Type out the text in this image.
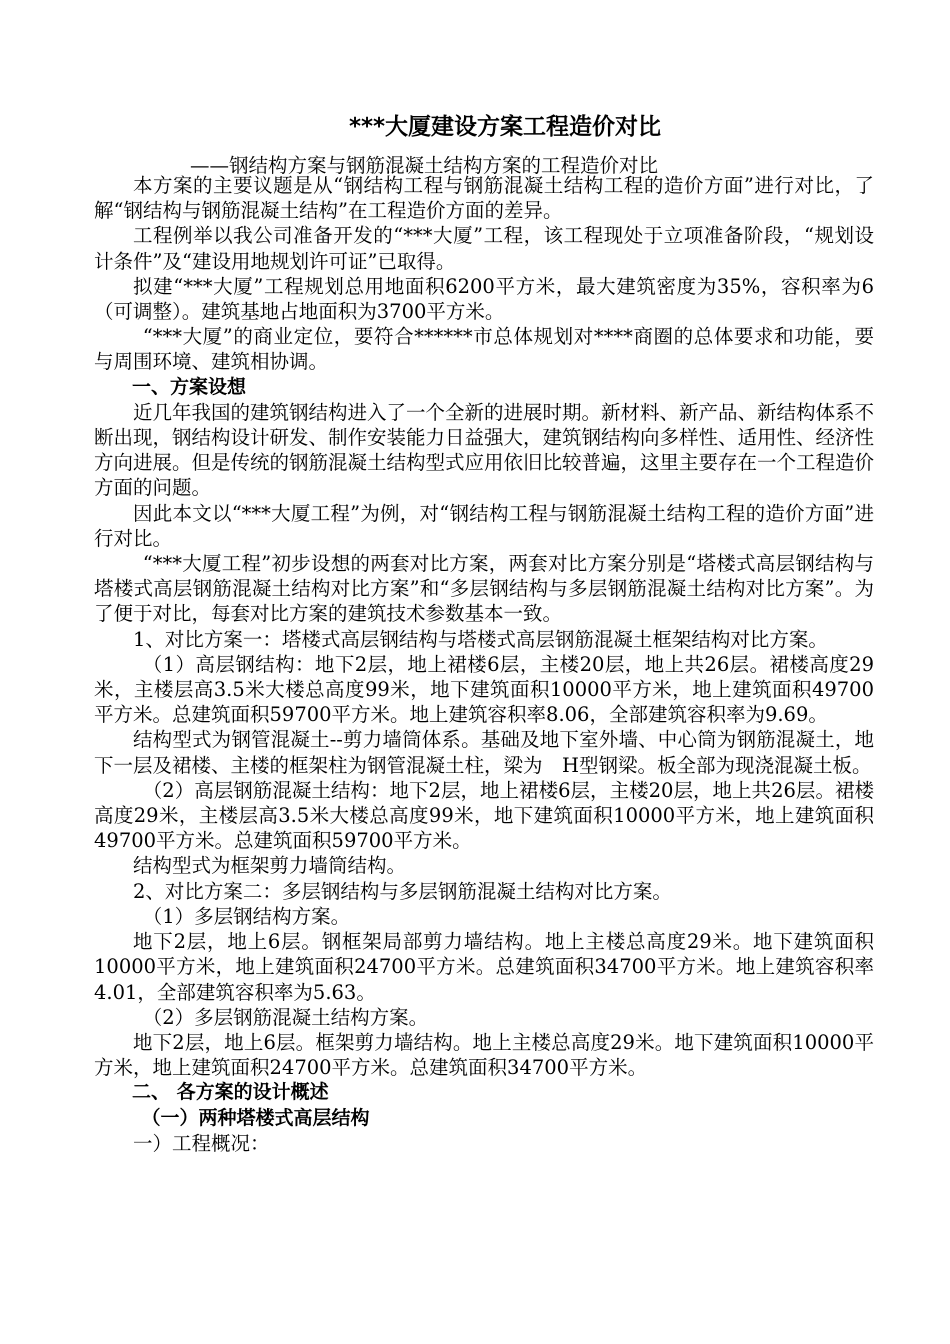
***大厦建设方案工程造价对比
——钢结构方案与钢筋混凝土结构方案的工程造价对比

本方案的主要议题是从“钢结构工程与钢筋混凝土结构工程的造价方面”进行对比，了解“钢结构与钢筋混凝土结构”在工程造价方面的差异。

工程例举以我公司准备开发的“***大厦”工程，该工程现处于立项准备阶段，“规划设计条件”及“建设用地规划许可证”已取得。

拟建“***大厦”工程规划总用地面积6200平方米，最大建筑密度为35%，容积率为6（可调整）。建筑基地占地面积为3700平方米。

“***大厦”的商业定位，要符合******市总体规划对****商圈的总体要求和功能，要与周围环境、建筑相协调。

一、方案设想

近几年我国的建筑钢结构进入了一个全新的进展时期。新材料、新产品、新结构体系不断出现，钢结构设计研发、制作安装能力日益强大，建筑钢结构向多样性、适用性、经济性方向进展。但是传统的钢筋混凝土结构型式应用依旧比较普遍，这里主要存在一个工程造价方面的问题。

因此本文以“***大厦工程”为例，对“钢结构工程与钢筋混凝土结构工程的造价方面”进行对比。

“***大厦工程”初步设想的两套对比方案，两套对比方案分别是“塔楼式高层钢结构与塔楼式高层钢筋混凝土结构对比方案”和“多层钢结构与多层钢筋混凝土结构对比方案”。为了便于对比，每套对比方案的建筑技术参数基本一致。

1、对比方案一：塔楼式高层钢结构与塔楼式高层钢筋混凝土框架结构对比方案。

（1）高层钢结构：地下2层，地上裙楼6层，主楼20层，地上共26层。裙楼高度29米，主楼层高3.5米大楼总高度99米，地下建筑面积10000平方米，地上建筑面积49700平方米。总建筑面积59700平方米。地上建筑容积率8.06，全部建筑容积率为9.69。

结构型式为钢管混凝土--剪力墙筒体系。基础及地下室外墙、中心筒为钢筋混凝土，地下一层及裙楼、主楼的框架柱为钢管混凝土柱，梁为　H型钢梁。板全部为现浇混凝土板。

（2）高层钢筋混凝土结构：地下2层，地上裙楼6层，主楼20层，地上共26层。裙楼高度29米，主楼层高3.5米大楼总高度99米，地下建筑面积10000平方米，地上建筑面积49700平方米。总建筑面积59700平方米。

结构型式为框架剪力墙筒结构。

2、对比方案二：多层钢结构与多层钢筋混凝土结构对比方案。

（1）多层钢结构方案。

地下2层，地上6层。钢框架局部剪力墙结构。地上主楼总高度29米。地下建筑面积10000平方米，地上建筑面积24700平方米。总建筑面积34700平方米。地上建筑容积率4.01，全部建筑容积率为5.63。

（2）多层钢筋混凝土结构方案。

地下2层，地上6层。框架剪力墙结构。地上主楼总高度29米。地下建筑面积10000平方米，地上建筑面积24700平方米。总建筑面积34700平方米。

二、 各方案的设计概述

（一）两种塔楼式高层结构

一）工程概况：
